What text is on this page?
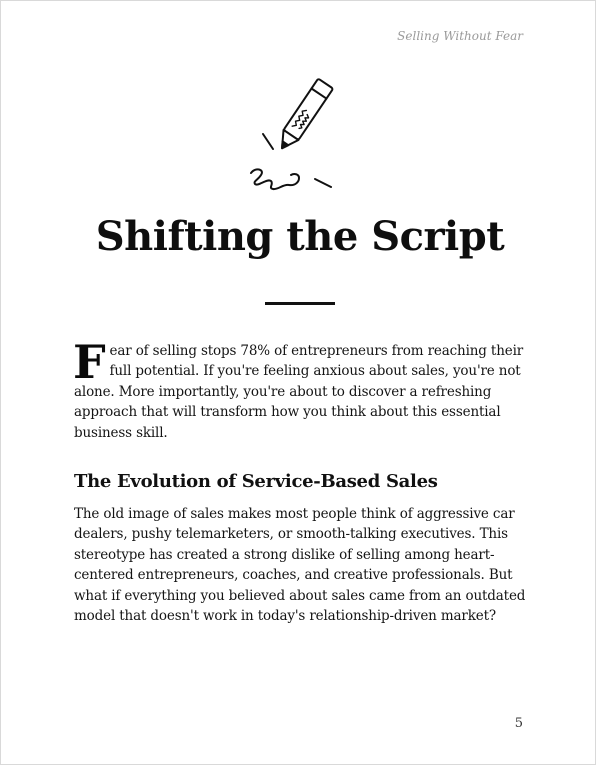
Selling Without Fear
Shifting the Script
Fear of selling stops 78% of entrepreneurs from reaching their full potential. If you're feeling anxious about sales, you're not alone. More importantly, you're about to discover a refreshing approach that will transform how you think about this essential business skill.
The Evolution of Service-Based Sales
The old image of sales makes most people think of aggressive car dealers, pushy telemarketers, or smooth-talking executives. This stereotype has created a strong dislike of selling among heart-centered entrepreneurs, coaches, and creative professionals. But what if everything you believed about sales came from an outdated model that doesn't work in today's relationship-driven market?
5
